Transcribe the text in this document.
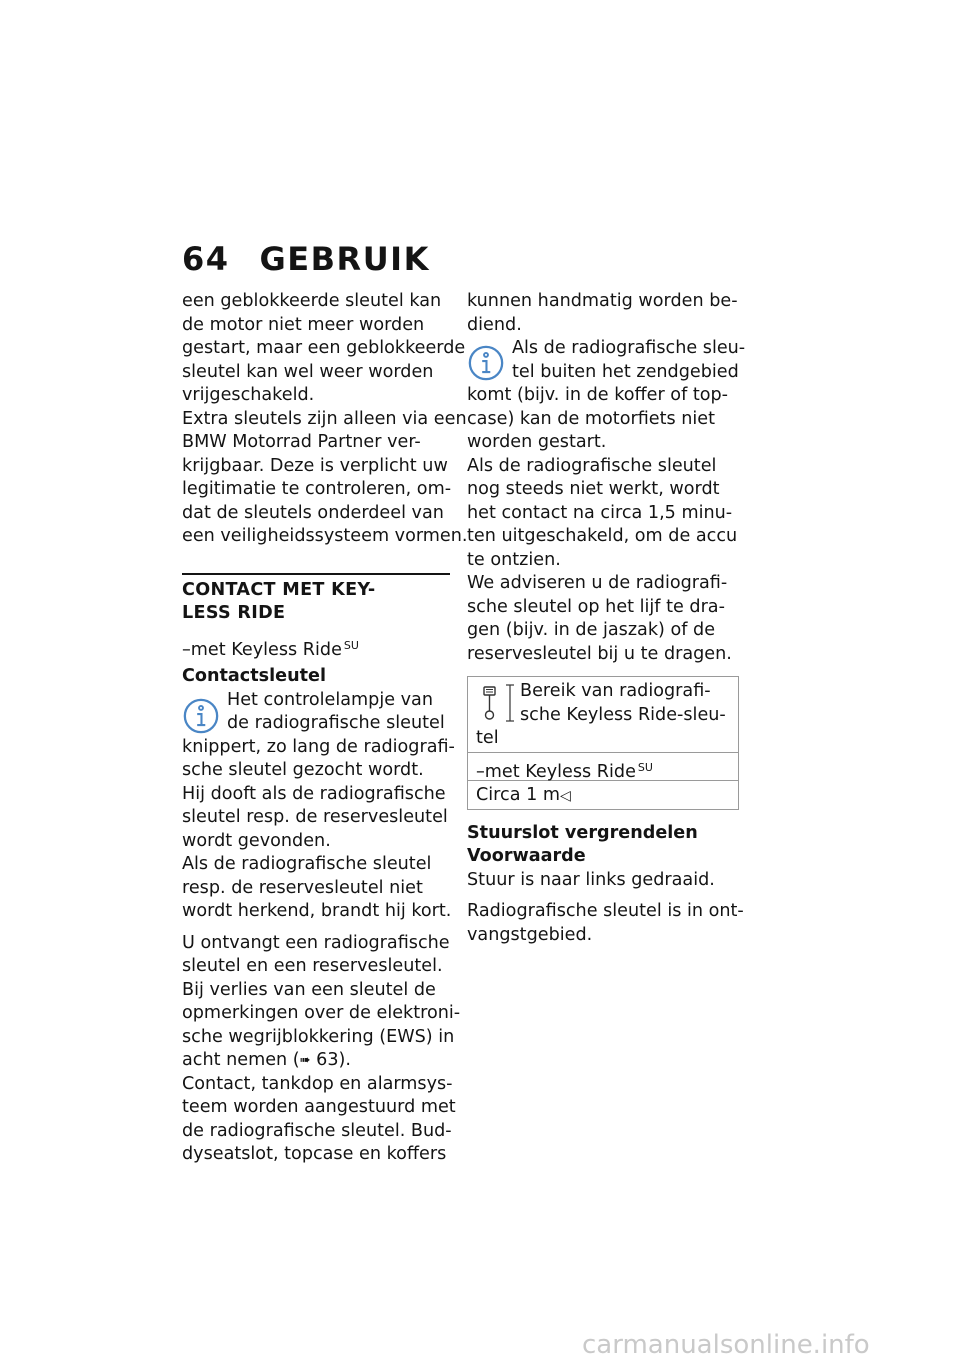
64 GEBRUIK
een geblokkeerde sleutel kan
de motor niet meer worden
gestart, maar een geblokkeerde
sleutel kan wel weer worden
vrijgeschakeld.
Extra sleutels zijn alleen via een
BMW Motorrad Partner ver-
krijgbaar. Deze is verplicht uw
legitimatie te controleren, om-
dat de sleutels onderdeel van
een veiligheidssysteem vormen.
CONTACT MET KEY-
LESS RIDE
–met Keyless Ride $^{SU}$
Contactsleutel
Het controlelampje van
de radiografische sleutel
knippert, zo lang de radiografi-
sche sleutel gezocht wordt.
Hij dooft als de radiografische
sleutel resp. de reservesleutel
wordt gevonden.
Als de radiografische sleutel
resp. de reservesleutel niet
wordt herkend, brandt hij kort.
U ontvangt een radiografische
sleutel en een reservesleutel.
Bij verlies van een sleutel de
opmerkingen over de elektroni-
sche wegrijblokkering (EWS) in
acht nemen (➠ 63).
Contact, tankdop en alarmsys-
teem worden aangestuurd met
de radiografische sleutel. Bud-
dyseatslot, topcase en koffers
kunnen handmatig worden be-
diend.
Als de radiografische sleu-
tel buiten het zendgebied
komt (bijv. in de koffer of top-
case) kan de motorfiets niet
worden gestart.
Als de radiografische sleutel
nog steeds niet werkt, wordt
het contact na circa 1,5 minu-
ten uitgeschakeld, om de accu
te ontzien.
We adviseren u de radiografi-
sche sleutel op het lijf te dra-
gen (bijv. in de jaszak) of de
reservesleutel bij u te dragen.
Bereik van radiografi-
sche Keyless Ride-sleu-
tel
–met Keyless Ride $^{SU}$
Circa 1 m◁
Stuurslot vergrendelen
Voorwaarde
Stuur is naar links gedraaid.
Radiografische sleutel is in ont-
vangstgebied.
carmanualsonline.info
